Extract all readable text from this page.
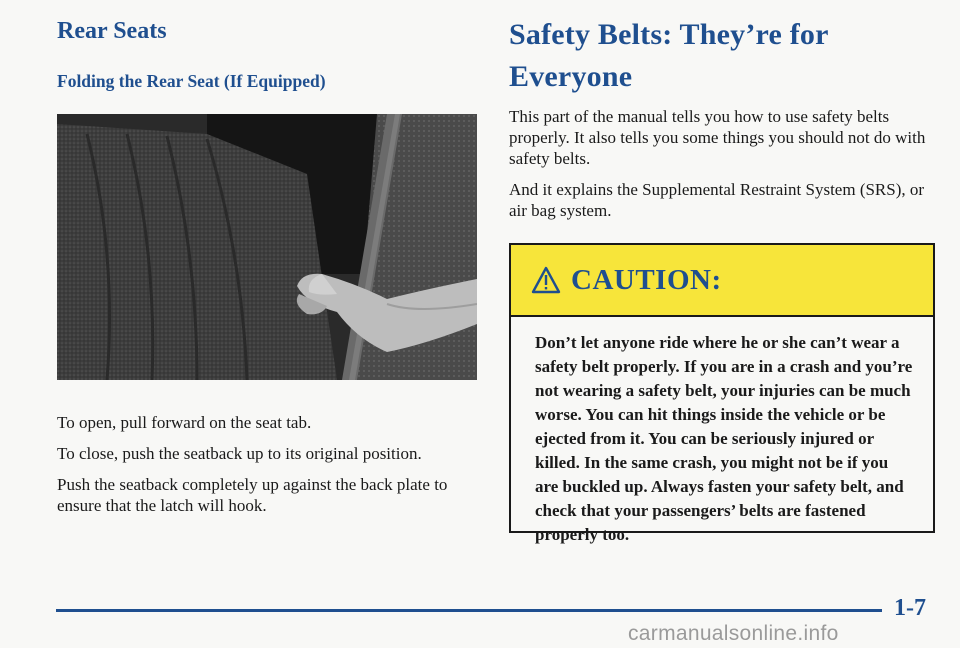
Rear Seats
Folding the Rear Seat (If Equipped)

To open, pull forward on the seat tab.

To close, push the seatback up to its original position.

Push the seatback completely up against the back plate to ensure that the latch will hook.

Safety Belts: They’re for Everyone

This part of the manual tells you how to use safety belts properly. It also tells you some things you should not do with safety belts.

And it explains the Supplemental Restraint System (SRS), or air bag system.

CAUTION:

Don’t let anyone ride where he or she can’t wear a safety belt properly. If you are in a crash and you’re not wearing a safety belt, your injuries can be much worse. You can hit things inside the vehicle or be ejected from it. You can be seriously injured or killed. In the same crash, you might not be if you are buckled up. Always fasten your safety belt, and check that your passengers’ belts are fastened properly too.

1-7
carmanualsonline.info
